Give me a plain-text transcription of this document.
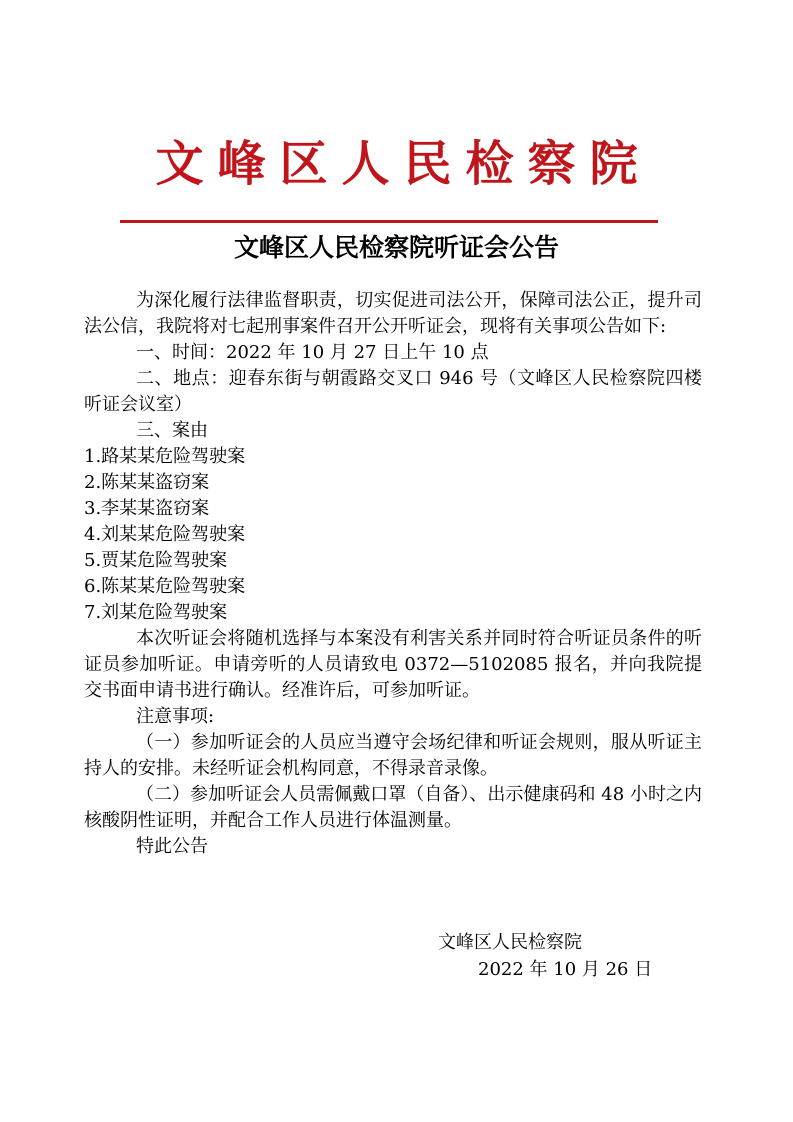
文峰区人民检察院
文峰区人民检察院听证会公告

为深化履行法律监督职责，切实促进司法公开，保障司法公正，提升司法公信，我院将对七起刑事案件召开公开听证会，现将有关事项公告如下:

一、时间：2022 年 10 月 27 日上午 10 点

二、地点：迎春东街与朝霞路交叉口 946 号（文峰区人民检察院四楼听证会议室）

三、案由

1.路某某危险驾驶案

2.陈某某盗窃案

3.李某某盗窃案

4.刘某某危险驾驶案

5.贾某危险驾驶案

6.陈某某危险驾驶案

7.刘某危险驾驶案

本次听证会将随机选择与本案没有利害关系并同时符合听证员条件的听证员参加听证。申请旁听的人员请致电 0372—5102085 报名，并向我院提交书面申请书进行确认。经准许后，可参加听证。

注意事项:

（一）参加听证会的人员应当遵守会场纪律和听证会规则，服从听证主持人的安排。未经听证会机构同意，不得录音录像。

（二）参加听证会人员需佩戴口罩（自备）、出示健康码和 48 小时之内核酸阴性证明，并配合工作人员进行体温测量。

特此公告

文峰区人民检察院
2022 年 10 月 26 日
